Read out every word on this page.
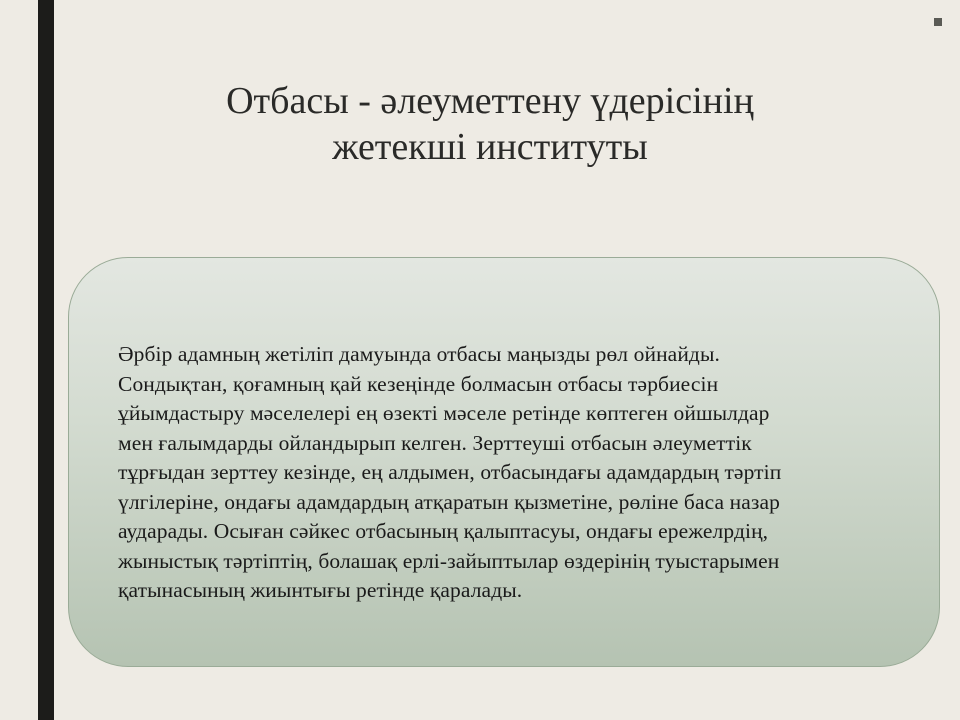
Отбасы - әлеуметтену үдерісінің
жетекші институты

Әрбір адамның жетіліп дамуында отбасы маңызды рөл ойнайды.
Сондықтан, қоғамның қай кезеңінде болмасын отбасы тәрбиесін
ұйымдастыру мәселелері ең өзекті мәселе ретінде көптеген ойшылдар
мен ғалымдарды ойландырып келген. Зерттеуші отбасын әлеуметтік
тұрғыдан зерттеу кезінде, ең алдымен, отбасындағы адамдардың тәртіп
үлгілеріне, ондағы адамдардың атқаратын қызметіне, рөліне баса назар
аударады. Осыған сәйкес отбасының қалыптасуы, ондағы ережелрдің,
жыныстық тәртіптің, болашақ ерлі-зайыптылар өздерінің туыстарымен
қатынасының жиынтығы ретінде қаралады.
